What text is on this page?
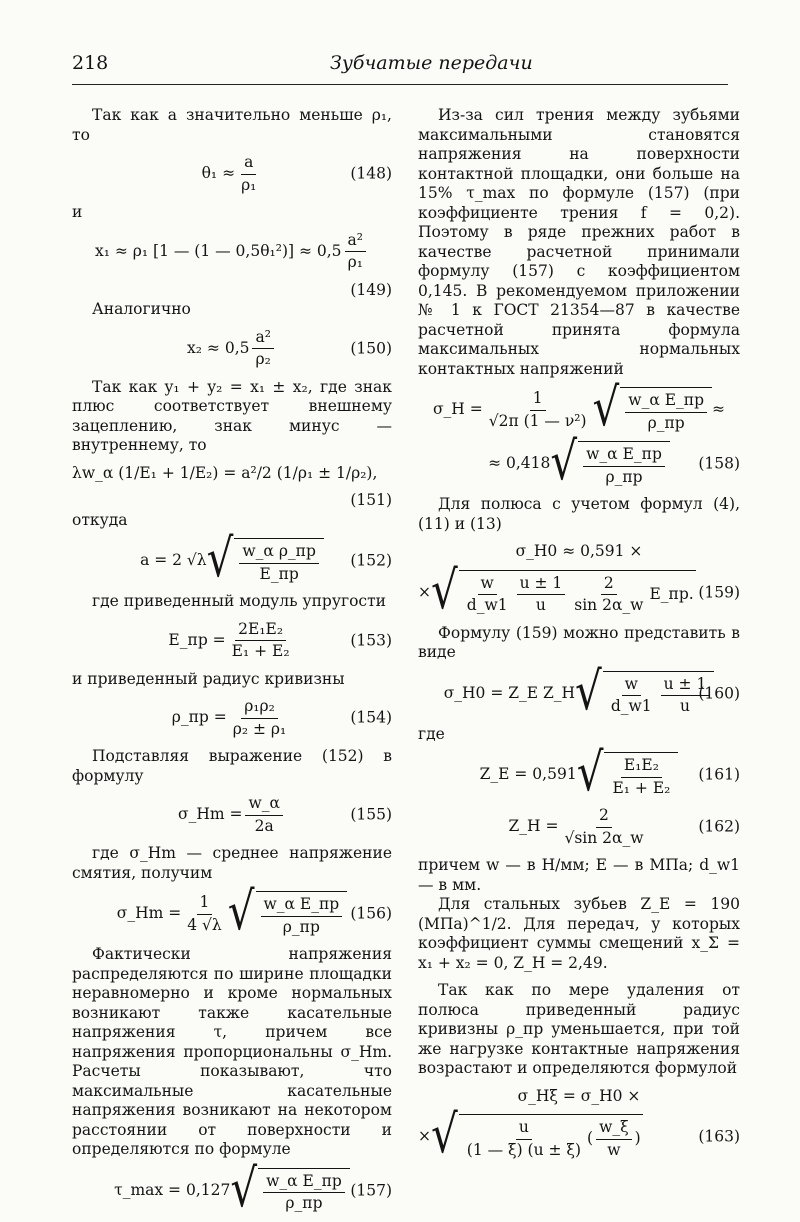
218	Зубчатые передачи

Так как a значительно меньше ρ₁, то

$\theta_1 \approx \frac{a}{\text{ρ₁}}$	(148)

и

x₁ ≈ ρ₁ [1 — (1 — $0,5\theta_1^2)] \approx 0,5 \frac{\text{a²}}{\text{ρ₁}}$
(149)

Аналогично

$x_2 \approx 0,5 \frac{\text{a²}}{\text{ρ₂}}$	(150)

Так как y₁ + y₂ = x₁ ± x₂, где знак плюс соответствует внешнему зацеплению, знак минус — внутреннему, то

λw_α (1/E₁ + 1/E₂) = a²/2 (1/ρ₁ ± 1/ρ₂),
(151)

откуда

a = 2 √λ √ w_α ρ_пр
E_пр
(152)

где приведенный модуль упругости

E_пр = $\frac{\text{2E₁E₂}}{\text{E₁ + E₂}}$	(153)

и приведенный радиус кривизны

ρ_пр = $\frac{\text{ρ₁ρ₂}}{\text{ρ₂ ± ρ₁}}$	(154)

Подставляя выражение (152) в формулу

σ_Hm = $\frac{w\_\alpha}{2a}$	(155)

где σ_Hm — среднее напряжение смятия, получим

σ_Hm = $\frac{1}{4 √\lambda}$ √ w_α E_пр
ρ_пр
(156)

Фактически напряжения распределяются по ширине площадки неравномерно и кроме нормальных возникают также касательные напряжения τ, причем все напряжения пропорциональны σ_Hm. Расчеты показывают, что максимальные касательные напряжения возникают на некотором расстоянии от поверхности и определяются по формуле

τ_max = 0,127 √ w_α E_пр
ρ_пр
(157)

Из-за сил трения между зубьями максимальными становятся напряжения на поверхности контактной площадки, они больше на 15% τ_max по формуле (157) (при коэффициенте трения f = 0,2). Поэтому в ряде прежних работ в качестве расчетной принимали формулу (157) с коэффициентом 0,145. В рекомендуемом приложении № 1 к ГОСТ 21354—87 в качестве расчетной принята формула максимальных нормальных контактных напряжений

σ_H = $\frac{1}{\text{√2π (1 — ν²)}}$ √ w_α E_пр
ρ_пр
≈
≈ 0,418 √ w_α E_пр
ρ_пр
(158)

Для полюса с учетом формул (4), (11) и (13)

σ_H0 ≈ 0,591 ×
× √ $\frac{w}{d\_w1} \frac{u \pm 1}{u} \frac{2}{\sin 2\alpha\_w}$ E_пр. (159)

Формулу (159) можно представить в виде

σ_H0 = Z_E Z_H √ $\frac{w}{d\_w1} \frac{u \pm 1}{u}$
(160)

где

Z_E = 0,591 √ $\frac{\text{E₁E₂}}{\text{E₁ + E₂}} (161)$
Z_H = $\frac{2}{√\sin 2\alpha\_w}$	(162)

причем w — в Н/мм; E — в МПа; d_w1 — в мм.

Для стальных зубьев Z_E = 190 (МПа)^1/2. Для передач, у которых коэффициент суммы смещений x_Σ = x₁ + x₂ = 0, Z_H = 2,49.

Так как по мере удаления от полюса приведенный радиус кривизны ρ_пр уменьшается, при той же нагрузке контактные напряжения возрастают и определяются формулой

σ_Hξ = σ_H0 ×
× √ $\frac{u}{(1 — \xi) (u \pm \xi)}$ ( $\frac{w\_\xi}{w}$ )	(163)
